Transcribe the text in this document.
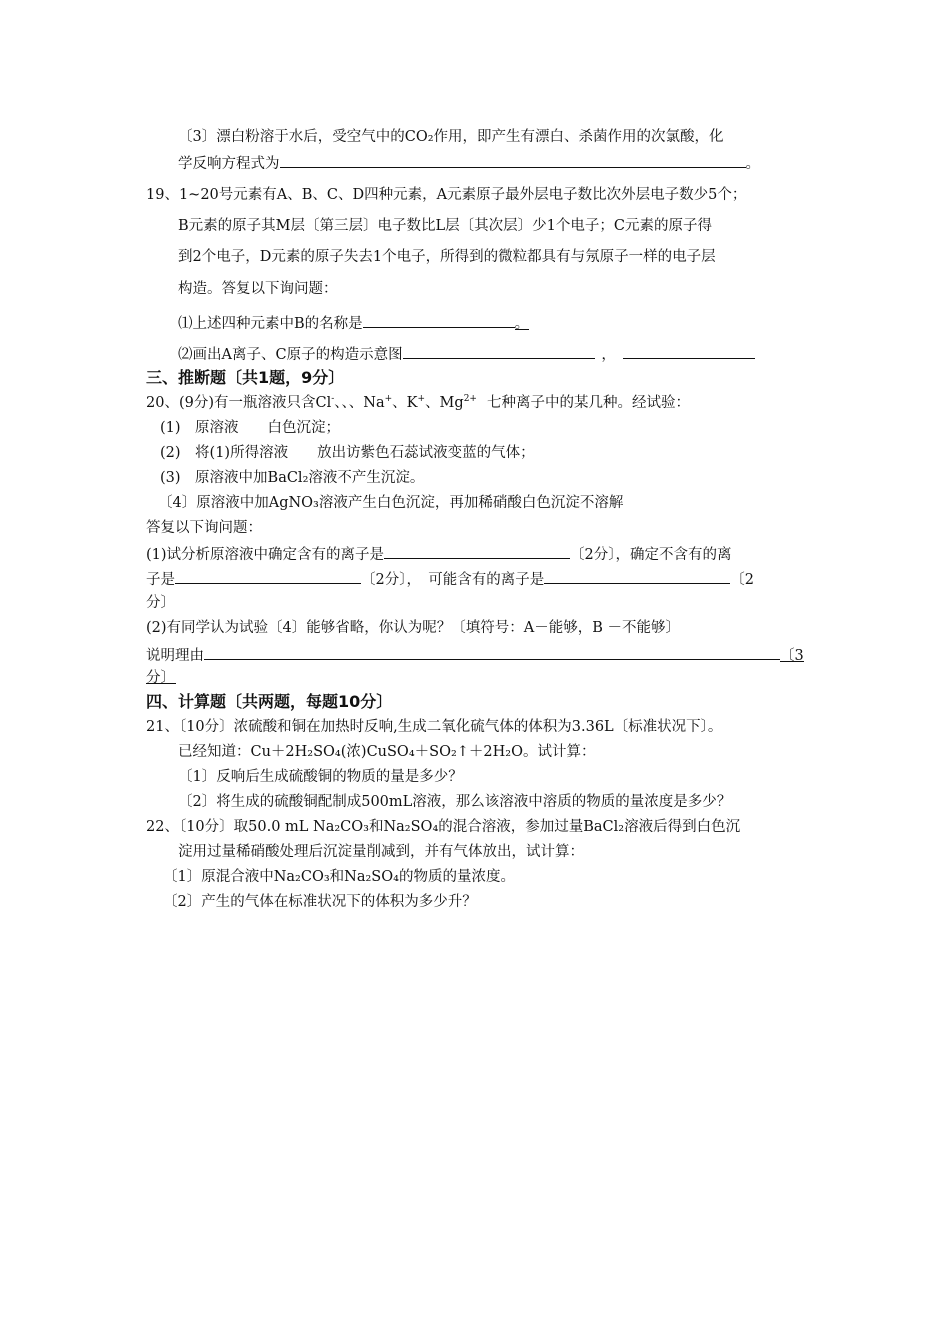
〔3〕漂白粉溶于水后，受空气中的CO₂作用，即产生有漂白、杀菌作用的次氯酸，化
学反响方程式为	。
19、1~20号元素有A、B、C、D四种元素，A元素原子最外层电子数比次外层电子数少5个；
B元素的原子其M层〔第三层〕电子数比L层〔其次层〕少1个电子；C元素的原子得
到2个电子，D元素的原子失去1个电子，所得到的微粒都具有与氖原子一样的电子层
构造。答复以下询问题：
⑴上述四种元素中B的名称是	。
⑵画出A离子、C原子的构造示意图	，
三、推断题〔共1题，9分〕
20、(9分)有一瓶溶液只含Cl-、、、Na+、K+、$Mg^{2+}$ 七种离子中的某几种。经试验：
(1)　原溶液　　白色沉淀；
(2)　将(1)所得溶液　　放出访紫色石蕊试液变蓝的气体；
(3)　原溶液中加BaCl₂溶液不产生沉淀。
〔4〕原溶液中加AgNO₃溶液产生白色沉淀，再加稀硝酸白色沉淀不溶解
答复以下询问题：
(1)试分析原溶液中确定含有的离子是	〔2分〕，确定不含有的离
子是	〔2分〕，　可能含有的离子是	〔2
分〕
(2)有同学认为试验〔4〕能够省略，你认为呢？〔填符号：A－能够，B －不能够〕
说明理由	〔3
分〕
四、计算题〔共两题，每题10分〕
21、〔10分〕浓硫酸和铜在加热时反响,生成二氧化硫气体的体积为3.36L〔标准状况下〕。
已经知道：Cu＋2H₂SO₄(浓)CuSO₄＋SO₂↑＋2H₂O。试计算：
〔1〕反响后生成硫酸铜的物质的量是多少？
〔2〕将生成的硫酸铜配制成500mL溶液，那么该溶液中溶质的物质的量浓度是多少？
22、〔10分〕取50.0 mL Na₂CO₃和Na₂SO₄的混合溶液，参加过量BaCl₂溶液后得到白色沉
淀用过量稀硝酸处理后沉淀量削减到，并有气体放出，试计算：
〔1〕原混合液中Na₂CO₃和Na₂SO₄的物质的量浓度。
〔2〕产生的气体在标准状况下的体积为多少升？
